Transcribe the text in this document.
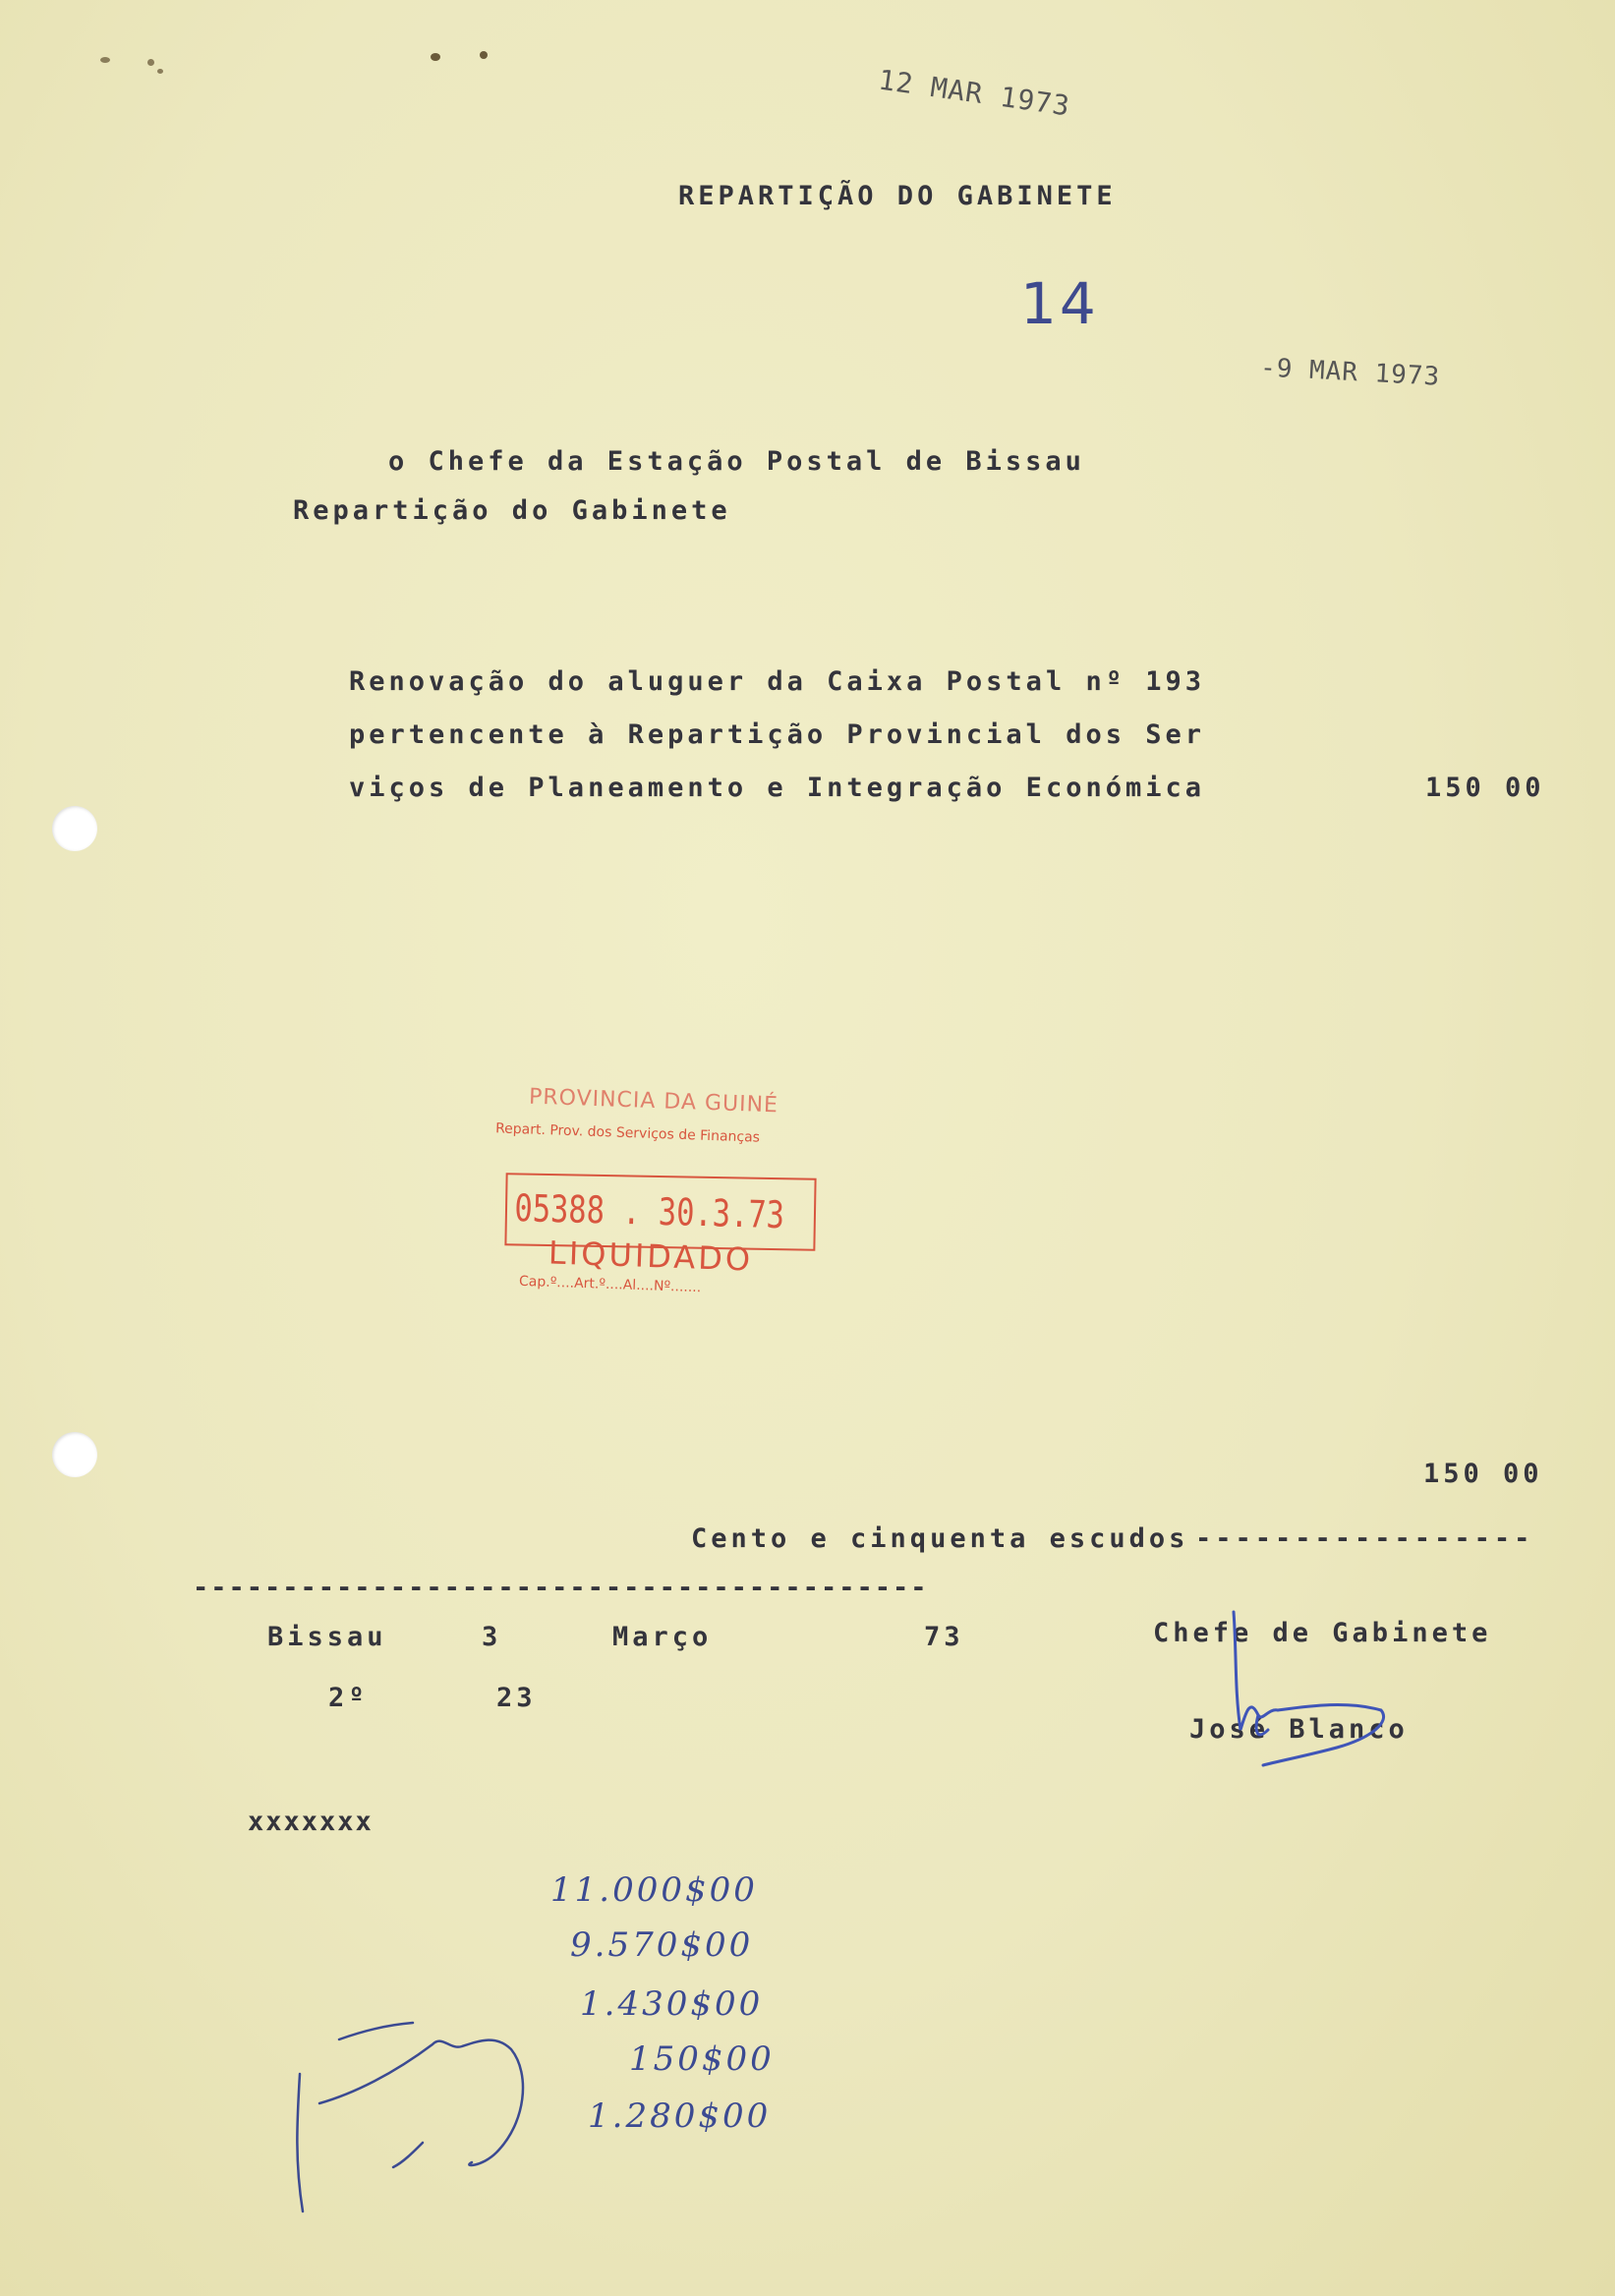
12 MAR 1973
REPARTIÇÃO DO GABINETE
14
-9 MAR 1973
o Chefe da Estação Postal de Bissau
Repartição do Gabinete
Renovação do aluguer da Caixa Postal nº 193
pertencente à Repartição Provincial dos Ser
viços de Planeamento e Integração Económica	150 00
PROVINCIA DA GUINÉ
Repart. Prov. dos Serviços de Finanças
05388 . 30.3.73
LIQUIDADO
Cap.º....Art.º....Al....Nº.......
150 00
Cento e cinquenta escudos -----------------
-----------------------------------------
Bissau	3	Março	73
2º	23
Chefe de Gabinete
José Blanco
xxxxxxx
11.000$00
9.570$00
1.430$00
150$00
1.280$00
